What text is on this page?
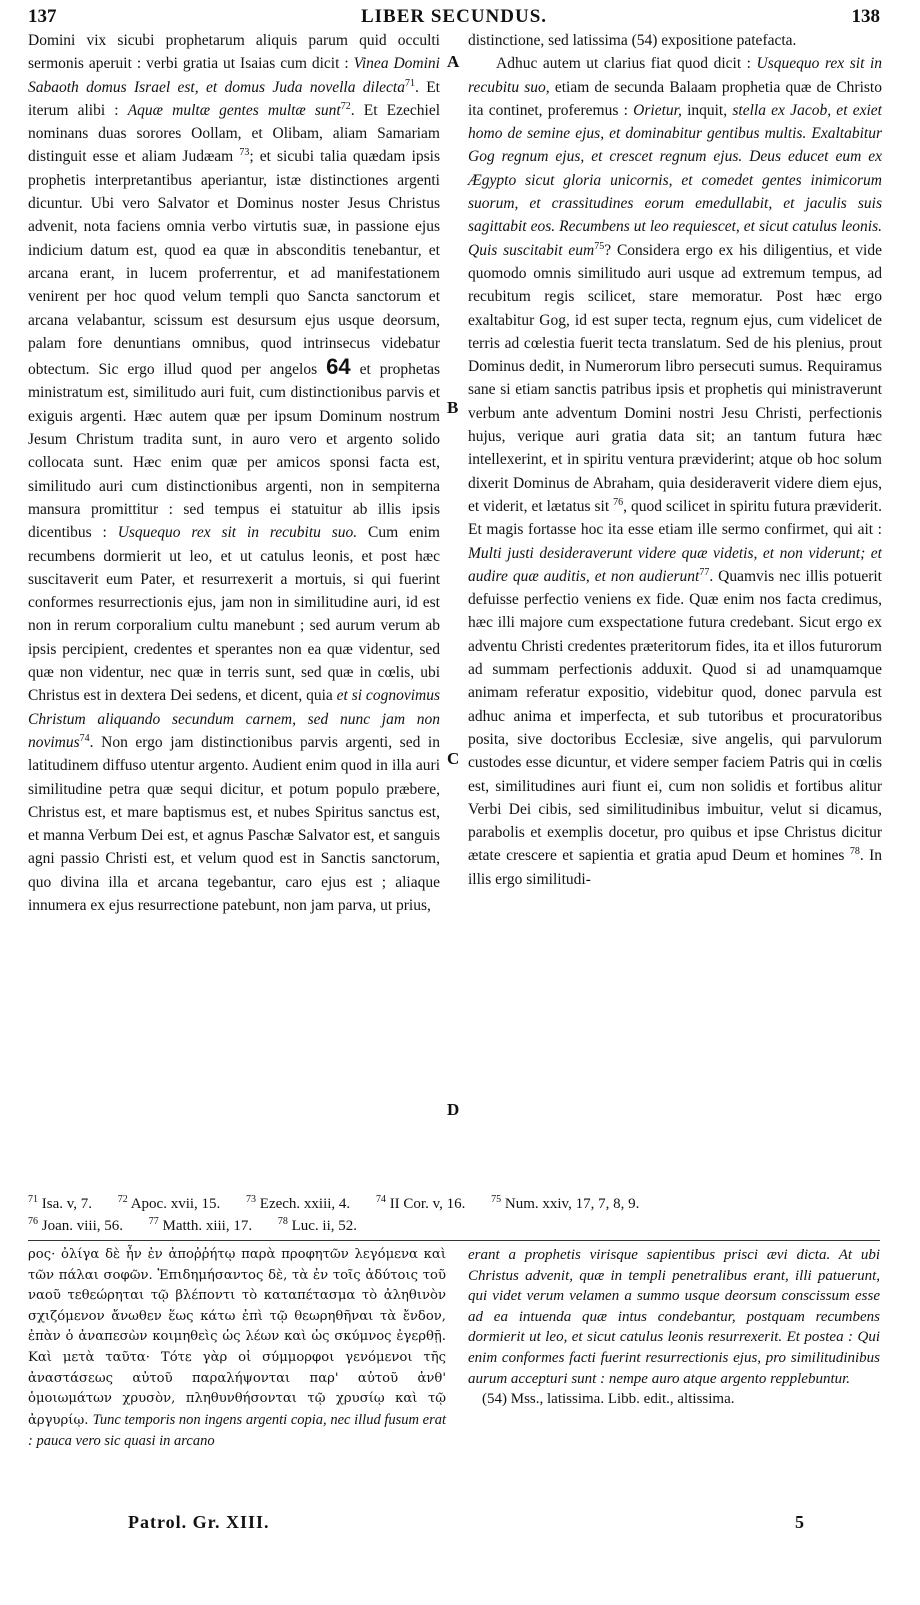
137	LIBER SECUNDUS.	138
A
B
C
D

Domini vix sicubi prophetarum aliquis parum quid occulti sermonis aperuit : verbi gratia ut Isaias cum dicit : Vinea Domini Sabaoth domus Israel est, et domus Juda novella dilecta$^{71}$. Et iterum alibi : Aquæ multæ gentes multæ sunt$^{72}$. Et Ezechiel nominans duas sorores Oollam, et Olibam, aliam Samariam distinguit esse et aliam Judæam $^{73}$; et sicubi talia quædam ipsis prophetis interpretantibus aperiantur, istæ distinctiones argenti dicuntur. Ubi vero Salvator et Dominus noster Jesus Christus advenit, nota faciens omnia verbo virtutis suæ, in passione ejus indicium datum est, quod ea quæ in absconditis tenebantur, et arcana erant, in lucem proferrentur, et ad manifestationem venirent per hoc quod velum templi quo Sancta sanctorum et arcana velabantur, scissum est desursum ejus usque deorsum, palam fore denuntians omnibus, quod intrinsecus videbatur obtectum. Sic ergo illud quod per angelos 64 et prophetas ministratum est, similitudo auri fuit, cum distinctionibus parvis et exiguis argenti. Hæc autem quæ per ipsum Dominum nostrum Jesum Christum tradita sunt, in auro vero et argento solido collocata sunt. Hæc enim quæ per amicos sponsi facta est, similitudo auri cum distinctionibus argenti, non in sempiterna mansura promittitur : sed tempus ei statuitur ab illis ipsis dicentibus : Usquequo rex sit in recubitu suo. Cum enim recumbens dormierit ut leo, et ut catulus leonis, et post hæc suscitaverit eum Pater, et resurrexerit a mortuis, si qui fuerint conformes resurrectionis ejus, jam non in similitudine auri, id est non in rerum corporalium cultu manebunt ; sed aurum verum ab ipsis percipient, credentes et sperantes non ea quæ videntur, sed quæ non videntur, nec quæ in terris sunt, sed quæ in cœlis, ubi Christus est in dextera Dei sedens, et dicent, quia et si cognovimus Christum aliquando secundum carnem, sed nunc jam non novimus$^{74}$. Non ergo jam distinctionibus parvis argenti, sed in latitudinem diffuso utentur argento. Audient enim quod in illa auri similitudine petra quæ sequi dicitur, et potum populo præbere, Christus est, et mare baptismus est, et nubes Spiritus sanctus est, et manna Verbum Dei est, et agnus Paschæ Salvator est, et sanguis agni passio Christi est, et velum quod est in Sanctis sanctorum, quo divina illa et arcana tegebantur, caro ejus est ; aliaque innumera ex ejus resurrectione patebunt, non jam parva, ut prius,

distinctione, sed latissima (54) expositione patefacta.

Adhuc autem ut clarius fiat quod dicit : Usquequo rex sit in recubitu suo, etiam de secunda Balaam prophetia quæ de Christo ita continet, proferemus : Orietur, inquit, stella ex Jacob, et exiet homo de semine ejus, et dominabitur gentibus multis. Exaltabitur Gog regnum ejus, et crescet regnum ejus. Deus educet eum ex Ægypto sicut gloria unicornis, et comedet gentes inimicorum suorum, et crassitudines eorum emedullabit, et jaculis suis sagittabit eos. Recumbens ut leo requiescet, et sicut catulus leonis. Quis suscitabit eum$^{75}$? Considera ergo ex his diligentius, et vide quomodo omnis similitudo auri usque ad extremum tempus, ad recubitum regis scilicet, stare memoratur. Post hæc ergo exaltabitur Gog, id est super tecta, regnum ejus, cum videlicet de terris ad cœlestia fuerit tecta translatum. Sed de his plenius, prout Dominus dedit, in Numerorum libro persecuti sumus. Requiramus sane si etiam sanctis patribus ipsis et prophetis qui ministraverunt verbum ante adventum Domini nostri Jesu Christi, perfectionis hujus, verique auri gratia data sit; an tantum futura hæc intellexerint, et in spiritu ventura præviderint; atque ob hoc solum dixerit Dominus de Abraham, quia desideraverit videre diem ejus, et viderit, et lætatus sit $^{76}$, quod scilicet in spiritu futura præviderit. Et magis fortasse hoc ita esse etiam ille sermo confirmet, qui ait : Multi justi desideraverunt videre quæ videtis, et non viderunt; et audire quæ auditis, et non audierunt$^{77}$. Quamvis nec illis potuerit defuisse perfectio veniens ex fide. Quæ enim nos facta credimus, hæc illi majore cum exspectatione futura credebant. Sicut ergo ex adventu Christi credentes præteritorum fides, ita et illos futurorum ad summam perfectionis adduxit. Quod si ad unamquamque animam referatur expositio, videbitur quod, donec parvula est adhuc anima et imperfecta, et sub tutoribus et procuratoribus posita, sive doctoribus Ecclesiæ, sive angelis, qui parvulorum custodes esse dicuntur, et videre semper faciem Patris qui in cœlis est, similitudines auri fiunt ei, cum non solidis et fortibus alitur Verbi Dei cibis, sed similitudinibus imbuitur, velut si dicamus, parabolis et exemplis docetur, pro quibus et ipse Christus dicitur ætate crescere et sapientia et gratia apud Deum et homines $^{78}$. In illis ergo similitudi-

$^{71}$ Isa. v, 7.	$^{72}$ Apoc. xvii, 15.	$^{73}$ Ezech. xxiii, 4.	$^{74}$ II Cor. v, 16.	$^{75}$ Num. xxiv, 17, 7, 8, 9.
$^{76}$ Joan. viii, 56.	$^{77}$ Matth. xiii, 17.	$^{78}$ Luc. ii, 52.

ρος· ὀλίγα δὲ ἦν ἐν ἀποῤῥήτῳ παρὰ προφητῶν λεγόμενα καὶ τῶν πάλαι σοφῶν. Ἐπιδημήσαντος δὲ, τὰ ἐν τοῖς ἀδύτοις τοῦ ναοῦ τεθεώρηται τῷ βλέποντι τὸ καταπέτασμα τὸ ἀληθινὸν σχιζόμενον ἄνωθεν ἕως κάτω ἐπὶ τῷ θεωρηθῆναι τὰ ἔνδον, ἐπὰν ὁ ἀναπεσὼν κοιμηθεὶς ὡς λέων καὶ ὡς σκύμνος ἐγερθῇ. Καὶ μετὰ ταῦτα· Τότε γὰρ οἱ σύμμορφοι γενόμενοι τῆς ἀναστάσεως αὐτοῦ παραλήψονται παρ' αὐτοῦ ἀνθ' ὁμοιωμάτων χρυσὸν, πληθυνθήσονται τῷ χρυσίῳ καὶ τῷ ἀργυρίῳ. Tunc temporis non ingens argenti copia, nec illud fusum erat : pauca vero sic quasi in arcano

erant a prophetis virisque sapientibus prisci ævi dicta. At ubi Christus advenit, quæ in templi penetralibus erant, illi patuerunt, qui videt verum velamen a summo usque deorsum conscissum esse ad ea intuenda quæ intus condebantur, postquam recumbens dormierit ut leo, et sicut catulus leonis resurrexerit. Et postea : Qui enim conformes facti fuerint resurrectionis ejus, pro similitudinibus aurum accepturi sunt : nempe auro atque argento repplebuntur.

(54) Mss., latissima. Libb. edit., altissima.

Patrol. Gr. XIII.	5
